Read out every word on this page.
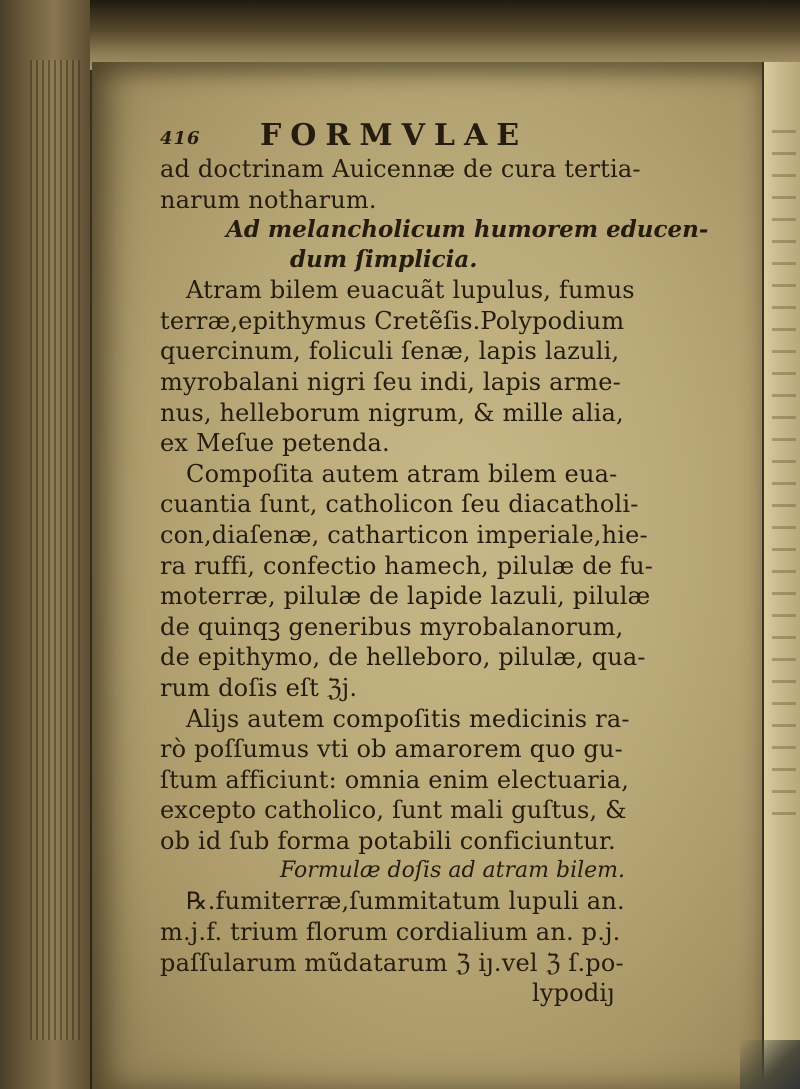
416 FORMVLAE
ad doctrinam Auicennæ de cura tertia-
narum notharum.
Ad melancholicum humorem educen-
dum ſimplicia.
Atram bilem euacuãt lupulus, fumus
terræ,epithymus Cretẽſis.Polypodium
quercinum, foliculi ſenæ, lapis lazuli,
myrobalani nigri ſeu indi, lapis arme-
nus, helleborum nigrum, & mille alia,
ex Meſue petenda.
Compoſita autem atram bilem eua-
cuantia ſunt, catholicon ſeu diacatholi-
con,diaſenæ, catharticon imperiale,hie-
ra ruffi, confectio hamech, pilulæ de fu-
moterræ, pilulæ de lapide lazuli, pilulæ
de quinqꝫ generibus myrobalanorum,
de epithymo, de helleboro, pilulæ, qua-
rum doſis eſt ℨj.
Aliȷs autem compoſitis medicinis ra-
rò poſſumus vti ob amarorem quo gu-
ſtum afficiunt: omnia enim electuaria,
excepto catholico, ſunt mali guſtus, &
ob id ſub forma potabili conficiuntur.
Formulæ doſis ad atram bilem.
℞.fumiterræ,ſummitatum lupuli an.
m.j.f. trium florum cordialium an. p.j.
paſſularum mũdatarum ℨ iȷ.vel ℨ ſ.po-
lypodiȷ
